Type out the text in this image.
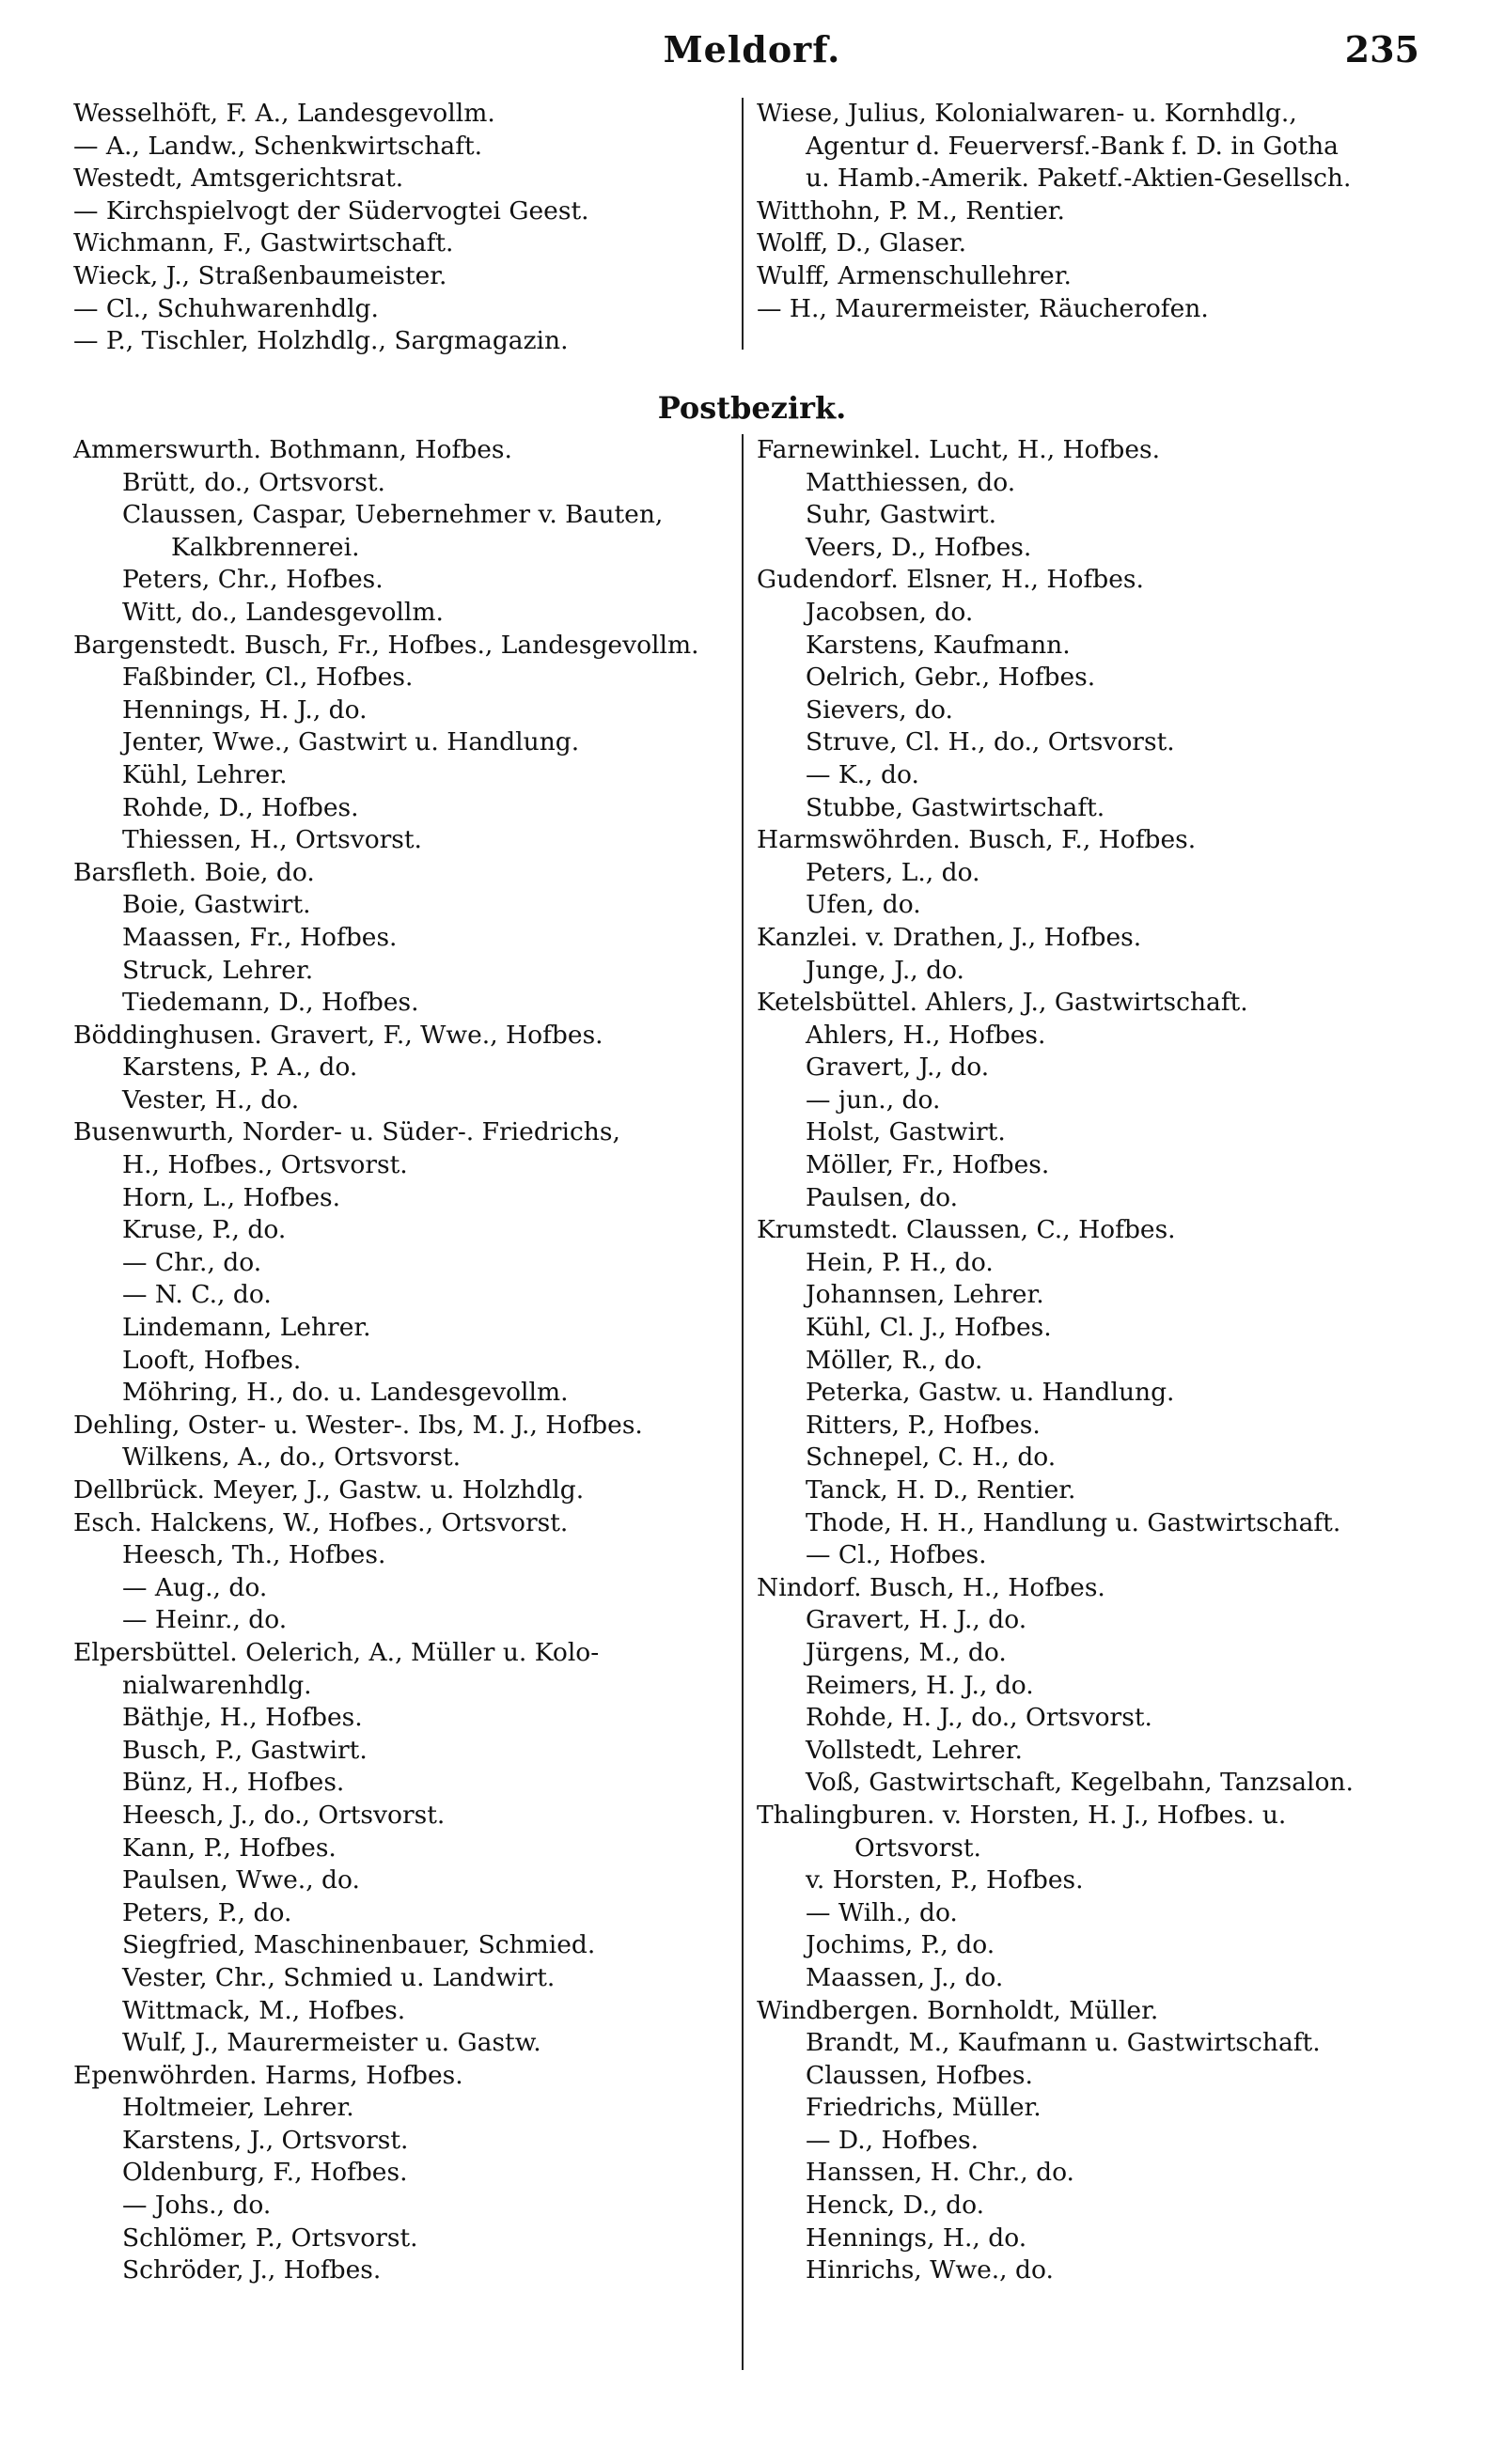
Meldorf.	235
Wesselhöft, F. A., Landesgevollm.
— A., Landw., Schenkwirtschaft.
Westedt, Amtsgerichtsrat.
— Kirchspielvogt der Südervogtei Geest.
Wichmann, F., Gastwirtschaft.
Wieck, J., Straßenbaumeister.
— Cl., Schuhwarenhdlg.
— P., Tischler, Holzhdlg., Sargmagazin.
Wiese, Julius, Kolonialwaren- u. Kornhdlg.,
Agentur d. Feuerversf.-Bank f. D. in Gotha
u. Hamb.-Amerik. Paketf.-Aktien-Gesellsch.
Witthohn, P. M., Rentier.
Wolff, D., Glaser.
Wulff, Armenschullehrer.
— H., Maurermeister, Räucherofen.
Postbezirk.
Ammerswurth. Bothmann, Hofbes.
Brütt, do., Ortsvorst.
Claussen, Caspar, Uebernehmer v. Bauten,
Kalkbrennerei.
Peters, Chr., Hofbes.
Witt, do., Landesgevollm.
Bargenstedt. Busch, Fr., Hofbes., Landesgevollm.
Faßbinder, Cl., Hofbes.
Hennings, H. J., do.
Jenter, Wwe., Gastwirt u. Handlung.
Kühl, Lehrer.
Rohde, D., Hofbes.
Thiessen, H., Ortsvorst.
Barsfleth. Boie, do.
Boie, Gastwirt.
Maassen, Fr., Hofbes.
Struck, Lehrer.
Tiedemann, D., Hofbes.
Böddinghusen. Gravert, F., Wwe., Hofbes.
Karstens, P. A., do.
Vester, H., do.
Busenwurth, Norder- u. Süder-. Friedrichs,
H., Hofbes., Ortsvorst.
Horn, L., Hofbes.
Kruse, P., do.
— Chr., do.
— N. C., do.
Lindemann, Lehrer.
Looft, Hofbes.
Möhring, H., do. u. Landesgevollm.
Dehling, Oster- u. Wester-. Ibs, M. J., Hofbes.
Wilkens, A., do., Ortsvorst.
Dellbrück. Meyer, J., Gastw. u. Holzhdlg.
Esch. Halckens, W., Hofbes., Ortsvorst.
Heesch, Th., Hofbes.
— Aug., do.
— Heinr., do.
Elpersbüttel. Oelerich, A., Müller u. Kolo-
nialwarenhdlg.
Bäthje, H., Hofbes.
Busch, P., Gastwirt.
Bünz, H., Hofbes.
Heesch, J., do., Ortsvorst.
Kann, P., Hofbes.
Paulsen, Wwe., do.
Peters, P., do.
Siegfried, Maschinenbauer, Schmied.
Vester, Chr., Schmied u. Landwirt.
Wittmack, M., Hofbes.
Wulf, J., Maurermeister u. Gastw.
Epenwöhrden. Harms, Hofbes.
Holtmeier, Lehrer.
Karstens, J., Ortsvorst.
Oldenburg, F., Hofbes.
— Johs., do.
Schlömer, P., Ortsvorst.
Schröder, J., Hofbes.
Farnewinkel. Lucht, H., Hofbes.
Matthiessen, do.
Suhr, Gastwirt.
Veers, D., Hofbes.
Gudendorf. Elsner, H., Hofbes.
Jacobsen, do.
Karstens, Kaufmann.
Oelrich, Gebr., Hofbes.
Sievers, do.
Struve, Cl. H., do., Ortsvorst.
— K., do.
Stubbe, Gastwirtschaft.
Harmswöhrden. Busch, F., Hofbes.
Peters, L., do.
Ufen, do.
Kanzlei. v. Drathen, J., Hofbes.
Junge, J., do.
Ketelsbüttel. Ahlers, J., Gastwirtschaft.
Ahlers, H., Hofbes.
Gravert, J., do.
— jun., do.
Holst, Gastwirt.
Möller, Fr., Hofbes.
Paulsen, do.
Krumstedt. Claussen, C., Hofbes.
Hein, P. H., do.
Johannsen, Lehrer.
Kühl, Cl. J., Hofbes.
Möller, R., do.
Peterka, Gastw. u. Handlung.
Ritters, P., Hofbes.
Schnepel, C. H., do.
Tanck, H. D., Rentier.
Thode, H. H., Handlung u. Gastwirtschaft.
— Cl., Hofbes.
Nindorf. Busch, H., Hofbes.
Gravert, H. J., do.
Jürgens, M., do.
Reimers, H. J., do.
Rohde, H. J., do., Ortsvorst.
Vollstedt, Lehrer.
Voß, Gastwirtschaft, Kegelbahn, Tanzsalon.
Thalingburen. v. Horsten, H. J., Hofbes. u.
Ortsvorst.
v. Horsten, P., Hofbes.
— Wilh., do.
Jochims, P., do.
Maassen, J., do.
Windbergen. Bornholdt, Müller.
Brandt, M., Kaufmann u. Gastwirtschaft.
Claussen, Hofbes.
Friedrichs, Müller.
— D., Hofbes.
Hanssen, H. Chr., do.
Henck, D., do.
Hennings, H., do.
Hinrichs, Wwe., do.
